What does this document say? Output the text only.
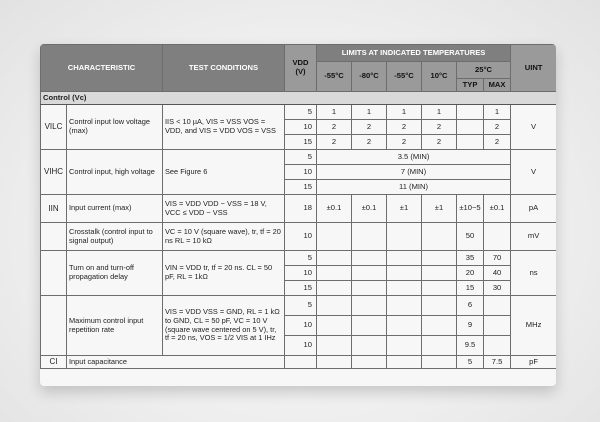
CHARACTERISTIC		TEST CONDITIONS	VDD
(V)	LIMITS AT INDICATED TEMPERATURES						UINT
				-55°C	-80°C	-55°C	10°C	25°C		
								TYP	MAX	
Control (Vc)										
VILC	Control input low voltage (max)	IIS < 10 µA, VIS = VSS VOS = VDD, and VIS = VDD VOS = VSS	5	1	1	1	1		1	V
			10	2	2	2	2		2	
			15	2	2	2	2		2	
VIHC	Control input, high voltage	See Figure 6	5	3.5 (MIN)						V
			10	7 (MIN)						
			15	11 (MIN)						
IIN	Input current (max)	VIS = VDD VDD − VSS = 18 V, VCC ≤ VDD − VSS	18	±0.1	±0.1	±1	±1	±10−5	±0.1	pA
	Crosstalk (control input to signal output)	VC = 10 V (square wave), tr, tf = 20 ns RL = 10 kΩ	10					50		mV
	Turn on and turn-off propagation delay	VIN = VDD tr, tf = 20 ns. CL = 50 pF, RL = 1kΩ	5					35	70	ns
			10					20	40	
			15					15	30	
	Maximum control input repetition rate	VIS = VDD VSS = GND, RL = 1 kΩ to GND, CL = 50 pF, VC = 10 V (square wave centered on 5 V), tr, tf = 20 ns, VOS = 1/2 VIS at 1 IHz	5					6		MHz
			10					9		
			10					9.5		
CI	Input capacitance							5	7.5	pF
